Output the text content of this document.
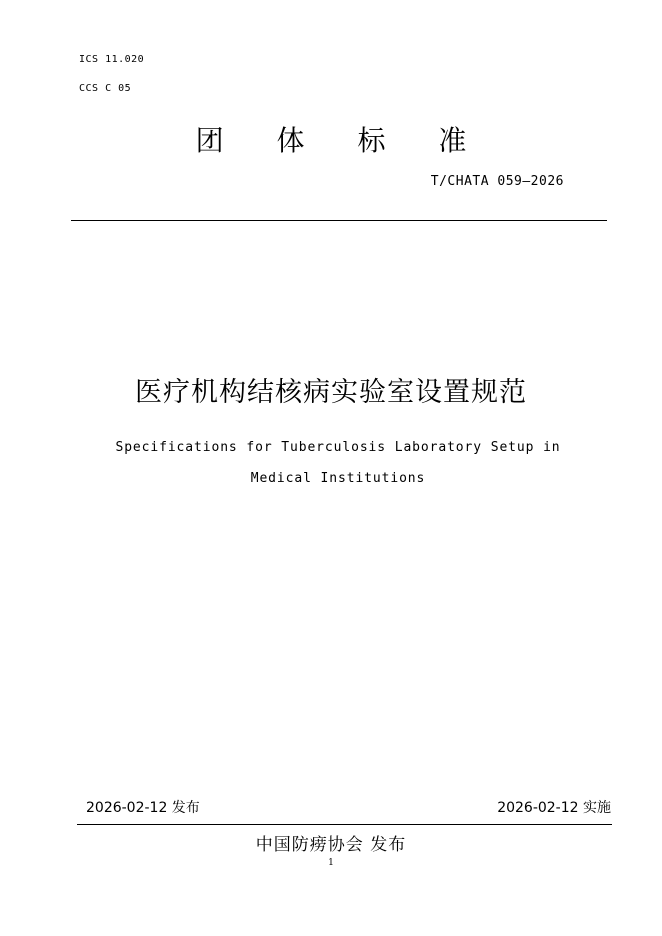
ICS 11.020
CCS C 05
团 体 标 准
T/CHATA 059—2026
医疗机构结核病实验室设置规范
Specifications for Tuberculosis Laboratory Setup in Medical Institutions
2026-02-12 发布	2026-02-12 实施
中国防痨协会 发布
1
